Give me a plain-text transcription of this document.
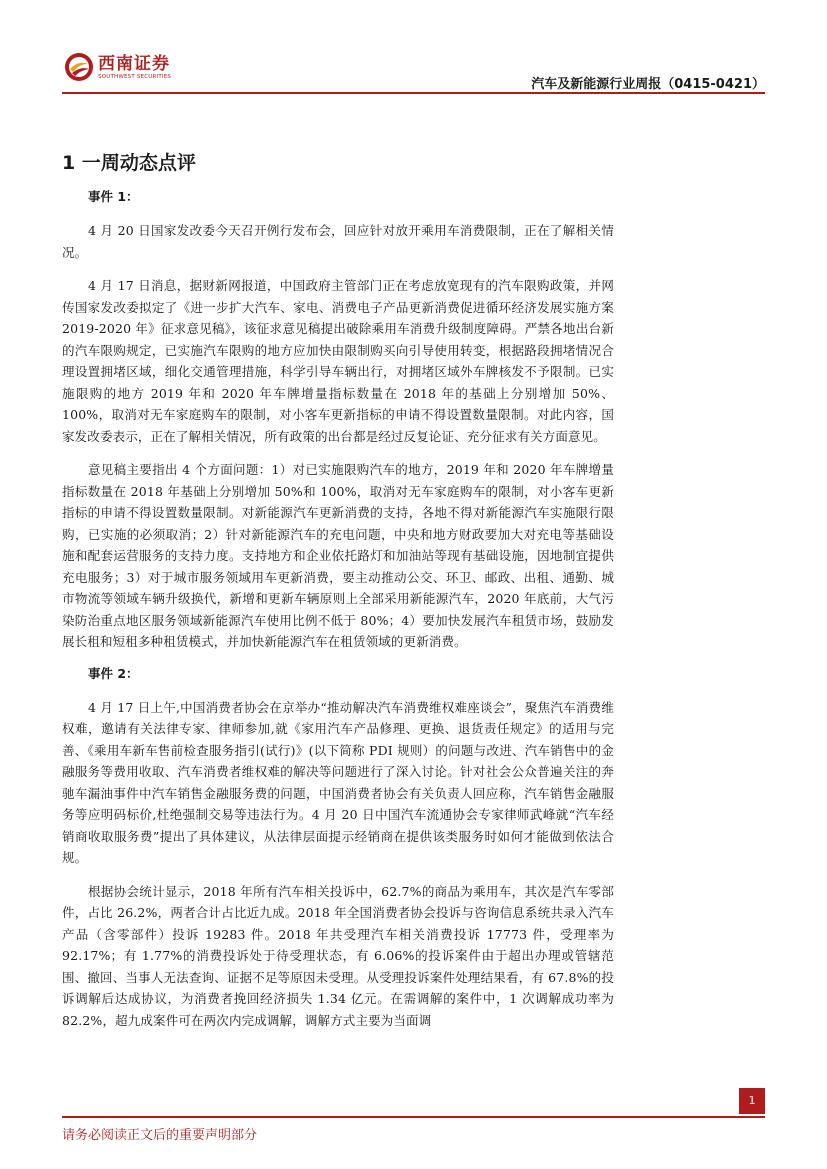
西南证券
SOUTHWEST SECURITIES
汽车及新能源行业周报（0415-0421）
1 一周动态点评
事件 1：

4 月 20 日国家发改委今天召开例行发布会，回应针对放开乘用车消费限制，正在了解相关情况。

4 月 17 日消息，据财新网报道，中国政府主管部门正在考虑放宽现有的汽车限购政策，并网传国家发改委拟定了《进一步扩大汽车、家电、消费电子产品更新消费促进循环经济发展实施方案 2019-2020 年》征求意见稿》，该征求意见稿提出破除乘用车消费升级制度障碍。严禁各地出台新的汽车限购规定，已实施汽车限购的地方应加快由限制购买向引导使用转变，根据路段拥堵情况合理设置拥堵区域，细化交通管理措施，科学引导车辆出行，对拥堵区域外车牌核发不予限制。已实施限购的地方 2019 年和 2020 年车牌增量指标数量在 2018 年的基础上分别增加 50%、100%，取消对无车家庭购车的限制，对小客车更新指标的申请不得设置数量限制。对此内容，国家发改委表示，正在了解相关情况，所有政策的出台都是经过反复论证、充分征求有关方面意见。

意见稿主要指出 4 个方面问题：1）对已实施限购汽车的地方，2019 年和 2020 年车牌增量指标数量在 2018 年基础上分别增加 50%和 100%，取消对无车家庭购车的限制，对小客车更新指标的申请不得设置数量限制。对新能源汽车更新消费的支持，各地不得对新能源汽车实施限行限购，已实施的必须取消；2）针对新能源汽车的充电问题，中央和地方财政要加大对充电等基础设施和配套运营服务的支持力度。支持地方和企业依托路灯和加油站等现有基础设施，因地制宜提供充电服务；3）对于城市服务领域用车更新消费，要主动推动公交、环卫、邮政、出租、通勤、城市物流等领域车辆升级换代，新增和更新车辆原则上全部采用新能源汽车，2020 年底前，大气污染防治重点地区服务领域新能源汽车使用比例不低于 80%；4）要加快发展汽车租赁市场，鼓励发展长租和短租多种租赁模式，并加快新能源汽车在租赁领域的更新消费。

事件 2：

4 月 17 日上午,中国消费者协会在京举办“推动解决汽车消费维权难座谈会”，聚焦汽车消费维权难，邀请有关法律专家、律师参加,就《家用汽车产品修理、更换、退货责任规定》的适用与完善、《乘用车新车售前检查服务指引(试行)》(以下简称 PDI 规则）的问题与改进、汽车销售中的金融服务等费用收取、汽车消费者维权难的解决等问题进行了深入讨论。针对社会公众普遍关注的奔驰车漏油事件中汽车销售金融服务费的问题，中国消费者协会有关负责人回应称，汽车销售金融服务等应明码标价,杜绝强制交易等违法行为。4 月 20 日中国汽车流通协会专家律师武峰就“汽车经销商收取服务费”提出了具体建议，从法律层面提示经销商在提供该类服务时如何才能做到依法合规。

根据协会统计显示，2018 年所有汽车相关投诉中，62.7%的商品为乘用车，其次是汽车零部件，占比 26.2%，两者合计占比近九成。2018 年全国消费者协会投诉与咨询信息系统共录入汽车产品（含零部件）投诉 19283 件。2018 年共受理汽车相关消费投诉 17773 件，受理率为 92.17%；有 1.77%的消费投诉处于待受理状态，有 6.06%的投诉案件由于超出办理或管辖范围、撤回、当事人无法查询、证据不足等原因未受理。从受理投诉案件处理结果看，有 67.8%的投诉调解后达成协议，为消费者挽回经济损失 1.34 亿元。在需调解的案件中，1 次调解成功率为 82.2%，超九成案件可在两次内完成调解，调解方式主要为当面调

1
请务必阅读正文后的重要声明部分
